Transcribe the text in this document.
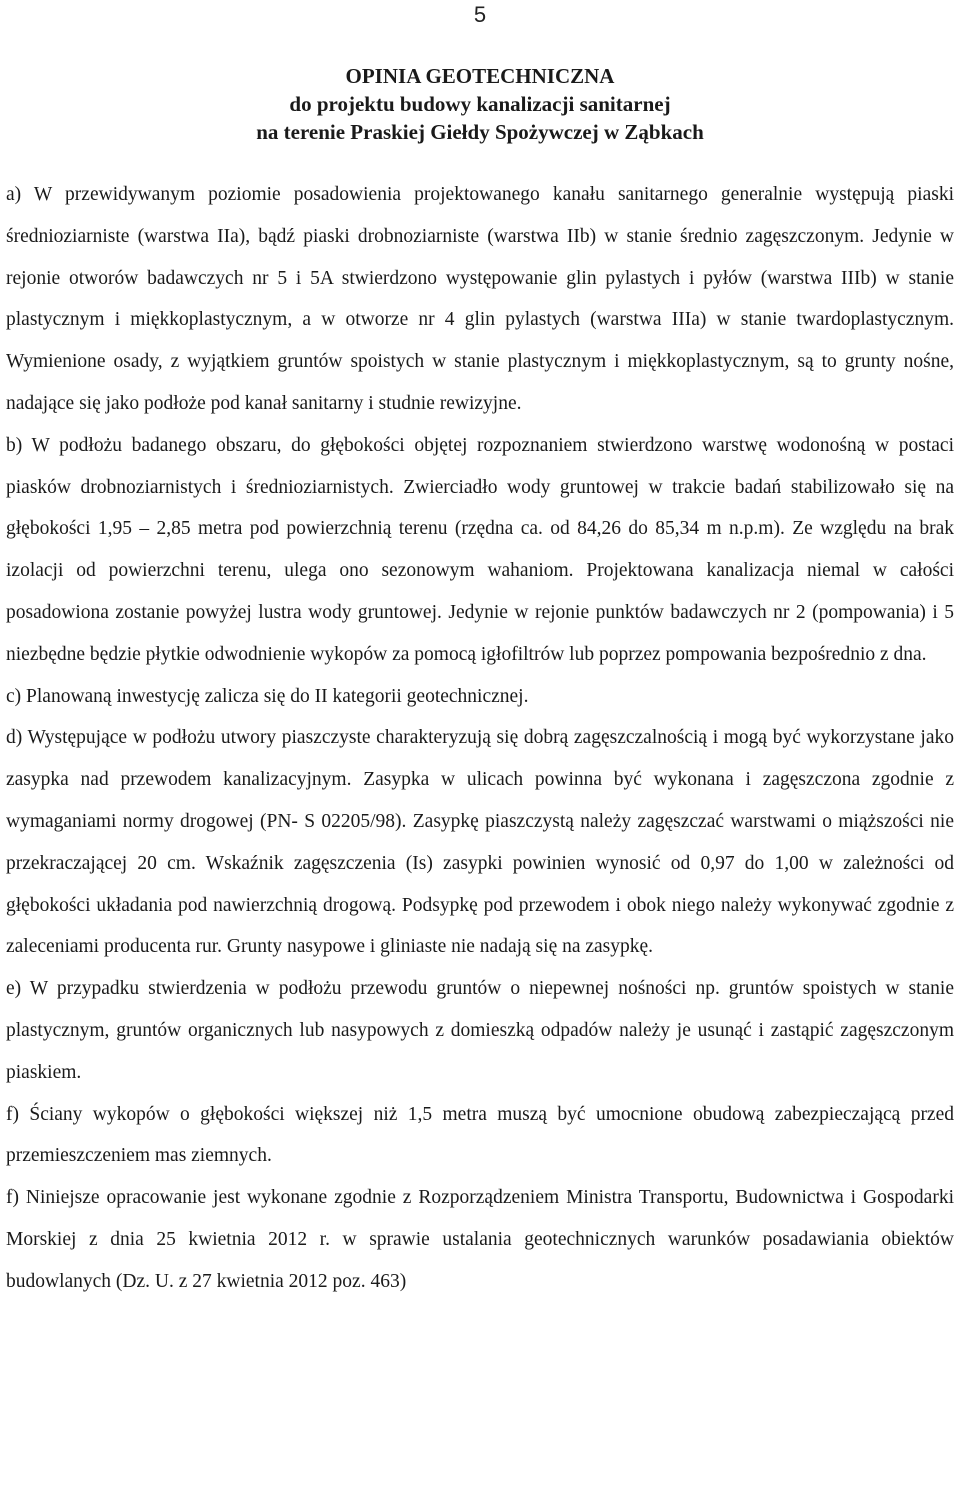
5
OPINIA GEOTECHNICZNA
do projektu budowy kanalizacji sanitarnej
na terenie Praskiej Giełdy Spożywczej w Ząbkach

a) W przewidywanym poziomie posadowienia projektowanego kanału sanitarnego generalnie występują piaski średnioziarniste (warstwa IIa), bądź piaski drobnoziarniste (warstwa IIb) w stanie średnio zagęszczonym. Jedynie w rejonie otworów badawczych nr 5 i 5A stwierdzono występowanie glin pylastych i pyłów (warstwa IIIb) w stanie plastycznym i miękkoplastycznym, a w otworze nr 4 glin pylastych (warstwa IIIa) w stanie twardoplastycznym. Wymienione osady, z wyjątkiem gruntów spoistych w stanie plastycznym i miękkoplastycznym, są to grunty nośne, nadające się jako podłoże pod kanał sanitarny i studnie rewizyjne.

b) W podłożu badanego obszaru, do głębokości objętej rozpoznaniem stwierdzono warstwę wodonośną w postaci piasków drobnoziarnistych i średnioziarnistych. Zwierciadło wody gruntowej w trakcie badań stabilizowało się na głębokości 1,95 – 2,85 metra pod powierzchnią terenu (rzędna ca. od 84,26 do 85,34 m n.p.m). Ze względu na brak izolacji od powierzchni terenu, ulega ono sezonowym wahaniom. Projektowana kanalizacja niemal w całości posadowiona zostanie powyżej lustra wody gruntowej. Jedynie w rejonie punktów badawczych nr 2 (pompowania) i 5 niezbędne będzie płytkie odwodnienie wykopów za pomocą igłofiltrów lub poprzez pompowania bezpośrednio z dna.

c) Planowaną inwestycję zalicza się do II kategorii geotechnicznej.

d) Występujące w podłożu utwory piaszczyste charakteryzują się dobrą zagęszczalnością i mogą być wykorzystane jako zasypka nad przewodem kanalizacyjnym. Zasypka w ulicach powinna być wykonana i zagęszczona zgodnie z wymaganiami normy drogowej (PN- S 02205/98). Zasypkę piaszczystą należy zagęszczać warstwami o miąższości nie przekraczającej 20 cm. Wskaźnik zagęszczenia (Is) zasypki powinien wynosić od 0,97 do 1,00 w zależności od głębokości układania pod nawierzchnią drogową. Podsypkę pod przewodem i obok niego należy wykonywać zgodnie z zaleceniami producenta rur. Grunty nasypowe i gliniaste nie nadają się na zasypkę.

e) W przypadku stwierdzenia w podłożu przewodu gruntów o niepewnej nośności np. gruntów spoistych w stanie plastycznym, gruntów organicznych lub nasypowych z domieszką odpadów należy je usunąć i zastąpić zagęszczonym piaskiem.

f) Ściany wykopów o głębokości większej niż 1,5 metra muszą być umocnione obudową zabezpieczającą przed przemieszczeniem mas ziemnych.

f) Niniejsze opracowanie jest wykonane zgodnie z Rozporządzeniem Ministra Transportu, Budownictwa i Gospodarki Morskiej z dnia 25 kwietnia 2012 r. w sprawie ustalania geotechnicznych warunków posadawiania obiektów budowlanych (Dz. U. z 27 kwietnia 2012 poz. 463)
